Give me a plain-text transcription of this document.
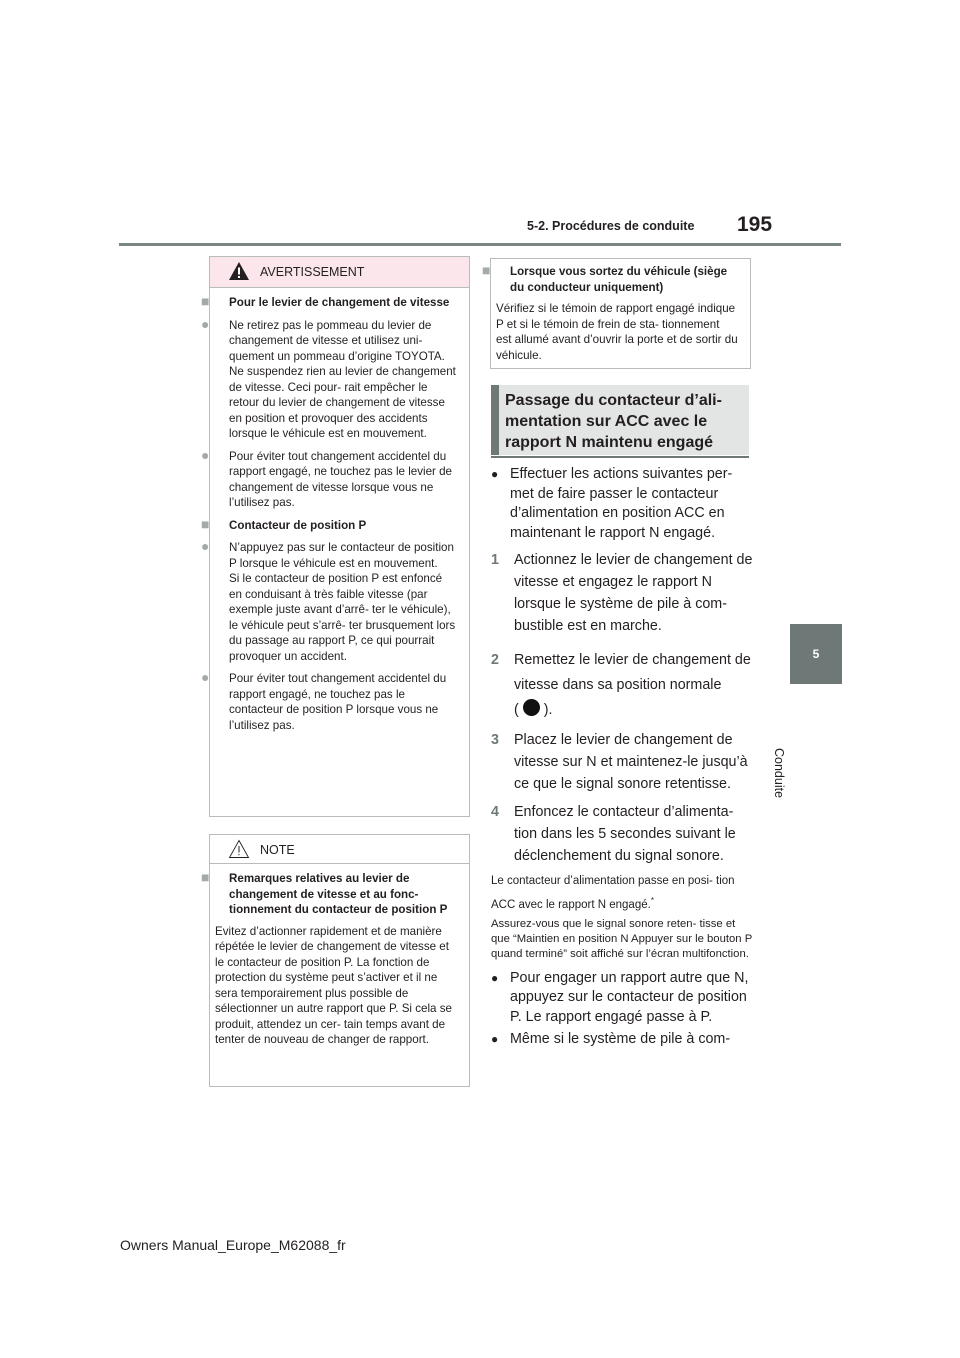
5-2. Procédures de conduite 195
5
Conduite
AVERTISSEMENT

■ Pour le levier de changement de vitesse

● Ne retirez pas le pommeau du levier de changement de vitesse et utilisez uni- quement un pommeau d’origine TOYOTA. Ne suspendez rien au levier de changement de vitesse. Ceci pour- rait empêcher le retour du levier de changement de vitesse en position et provoquer des accidents lorsque le véhicule est en mouvement.

● Pour éviter tout changement accidentel du rapport engagé, ne touchez pas le levier de changement de vitesse lorsque vous ne l’utilisez pas.

■ Contacteur de position P

● N’appuyez pas sur le contacteur de position P lorsque le véhicule est en mouvement.
Si le contacteur de position P est enfoncé en conduisant à très faible vitesse (par exemple juste avant d’arrê- ter le véhicule), le véhicule peut s’arrê- ter brusquement lors du passage au rapport P, ce qui pourrait provoquer un accident.

● Pour éviter tout changement accidentel du rapport engagé, ne touchez pas le contacteur de position P lorsque vous ne l’utilisez pas.

NOTE

■ Remarques relatives au levier de changement de vitesse et au fonc- tionnement du contacteur de position P

Evitez d’actionner rapidement et de manière répétée le levier de changement de vitesse et le contacteur de position P. La fonction de protection du système peut s’activer et il ne sera temporairement plus possible de sélectionner un autre rapport que P. Si cela se produit, attendez un cer- tain temps avant de tenter de nouveau de changer de rapport.

■ Lorsque vous sortez du véhicule (siège du conducteur uniquement)

Vérifiez si le témoin de rapport engagé indique P et si le témoin de frein de sta- tionnement est allumé avant d’ouvrir la porte et de sortir du véhicule.

Passage du contacteur d’ali- mentation sur ACC avec le rapport N maintenu engagé

● Effectuer les actions suivantes per- met de faire passer le contacteur d’alimentation en position ACC en maintenant le rapport N engagé.

1 Actionnez le levier de changement de vitesse et engagez le rapport N lorsque le système de pile à com- bustible est en marche.

2 Remettez le levier de changement de vitesse dans sa position normale
( ).

3 Placez le levier de changement de vitesse sur N et maintenez-le jusqu’à ce que le signal sonore retentisse.

4 Enfoncez le contacteur d’alimenta- tion dans les 5 secondes suivant le déclenchement du signal sonore.

Le contacteur d’alimentation passe en posi- tion ACC avec le rapport N engagé.*

Assurez-vous que le signal sonore reten- tisse et que “Maintien en position N Appuyer sur le bouton P quand terminé” soit affiché sur l’écran multifonction.

● Pour engager un rapport autre que N, appuyez sur le contacteur de position P. Le rapport engagé passe à P.

● Même si le système de pile à com-

Owners Manual_Europe_M62088_fr
